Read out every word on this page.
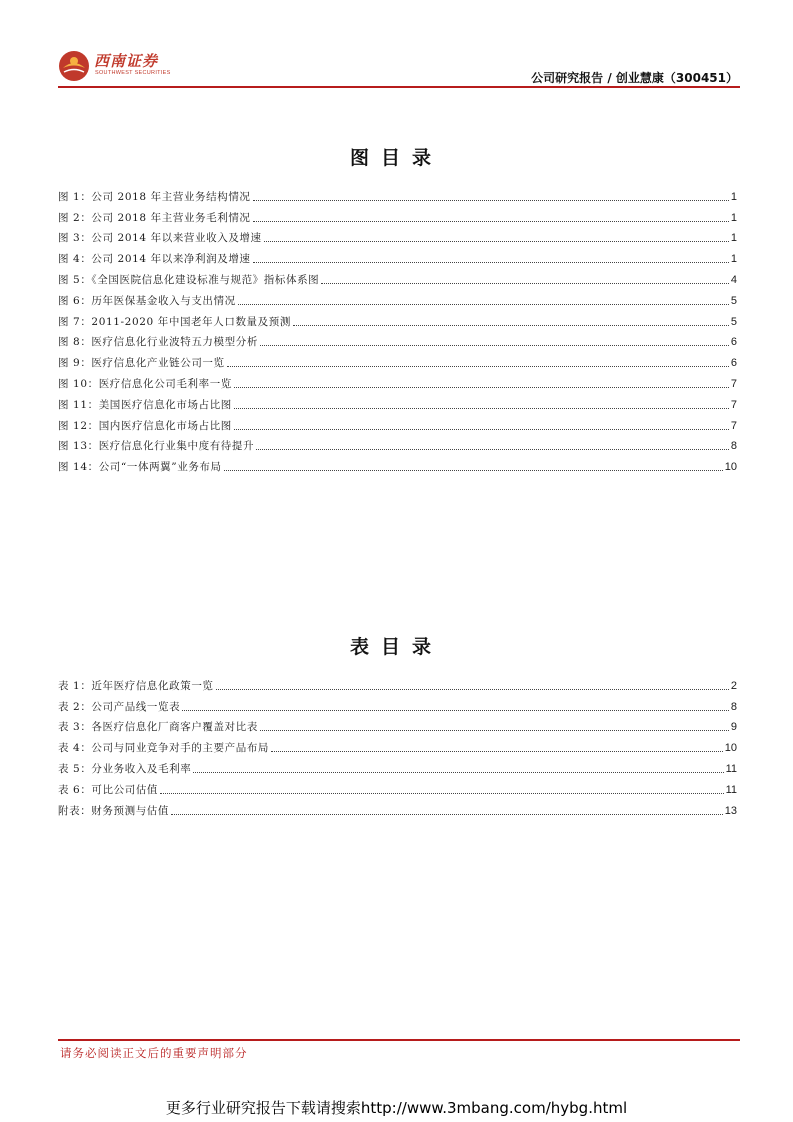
西南证券
SOUTHWEST SECURITIES	公司研究报告 / 创业慧康（300451）
图目录
图 1：公司 2018 年主营业务结构情况	1
图 2：公司 2018 年主营业务毛利情况	1
图 3：公司 2014 年以来营业收入及增速	1
图 4：公司 2014 年以来净利润及增速	1
图 5：《全国医院信息化建设标准与规范》指标体系图	4
图 6：历年医保基金收入与支出情况	5
图 7：2011-2020 年中国老年人口数量及预测	5
图 8：医疗信息化行业波特五力模型分析	6
图 9：医疗信息化产业链公司一览	6
图 10：医疗信息化公司毛利率一览	7
图 11：美国医疗信息化市场占比图	7
图 12：国内医疗信息化市场占比图	7
图 13：医疗信息化行业集中度有待提升	8
图 14：公司“一体两翼”业务布局	10
表目录
表 1：近年医疗信息化政策一览	2
表 2：公司产品线一览表	8
表 3：各医疗信息化厂商客户覆盖对比表	9
表 4：公司与同业竞争对手的主要产品布局	10
表 5：分业务收入及毛利率	11
表 6：可比公司估值	11
附表：财务预测与估值	13
请务必阅读正文后的重要声明部分
更多行业研究报告下载请搜索http://www.3mbang.com/hybg.html
